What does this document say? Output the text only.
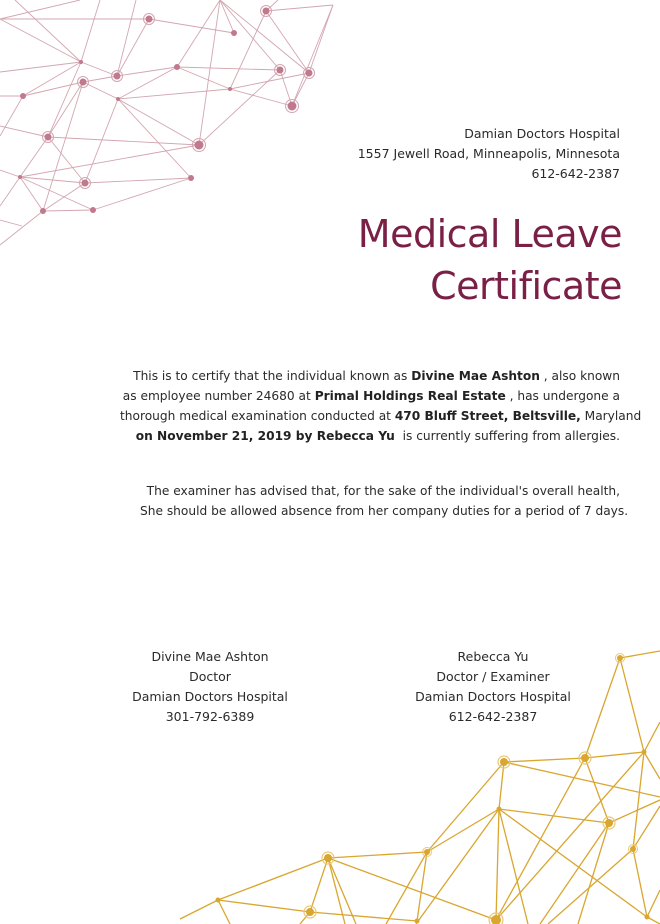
Damian Doctors Hospital
1557 Jewell Road, Minneapolis, Minnesota
612-642-2387
Medical Leave
Certificate

This is to certify that the individual known as Divine Mae Ashton , also known
as employee number 24680 at Primal Holdings Real Estate , has undergone a
thorough medical examination conducted at 470 Bluff Street, Beltsville, Maryland
on November 21, 2019 by Rebecca Yu  is currently suffering from allergies.

The examiner has advised that, for the sake of the individual's overall health,
She should be allowed absence from her company duties for a period of 7 days.

Divine Mae Ashton
Doctor
Damian Doctors Hospital
301-792-6389
Rebecca Yu
Doctor / Examiner
Damian Doctors Hospital
612-642-2387
